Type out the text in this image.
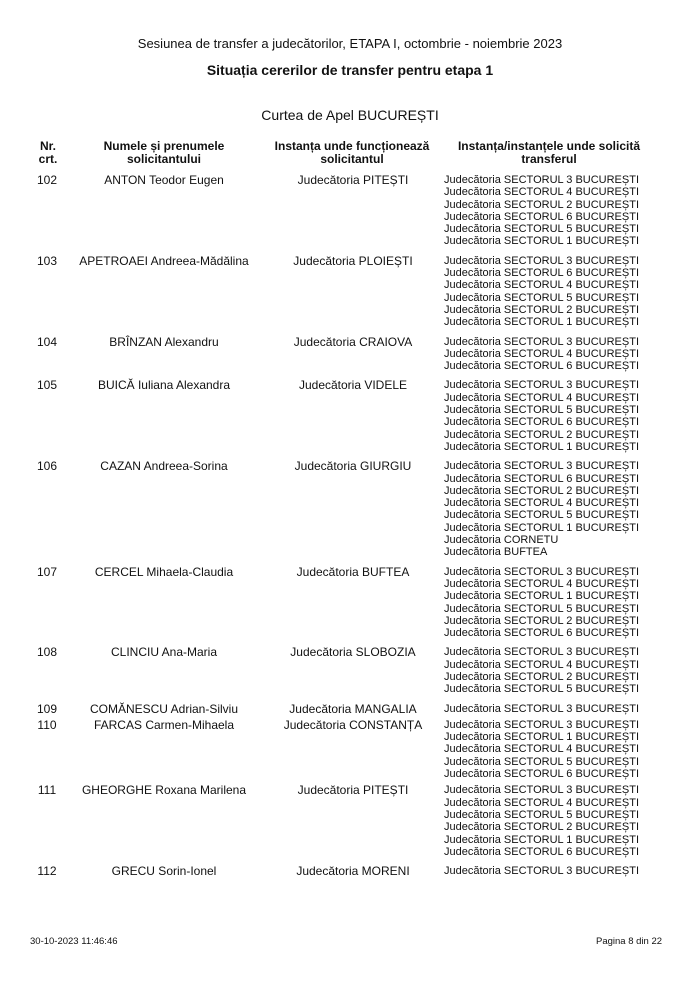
Sesiunea de transfer a judecătorilor, ETAPA I, octombrie - noiembrie 2023
Situația cererilor de transfer pentru etapa 1
Curtea de Apel BUCUREȘTI
Nr. crt.
Numele și prenumele solicitantului
Instanța unde funcționează solicitantul
Instanța/instanțele unde solicită transferul
102	ANTON Teodor Eugen	Judecătoria PITEȘTI	Judecătoria SECTORUL 3 BUCUREȘTI
Judecătoria SECTORUL 4 BUCUREȘTI
Judecătoria SECTORUL 2 BUCUREȘTI
Judecătoria SECTORUL 6 BUCUREȘTI
Judecătoria SECTORUL 5 BUCUREȘTI
Judecătoria SECTORUL 1 BUCUREȘTI
103	APETROAEI Andreea-Mădălina	Judecătoria PLOIEȘTI	Judecătoria SECTORUL 3 BUCUREȘTI
Judecătoria SECTORUL 6 BUCUREȘTI
Judecătoria SECTORUL 4 BUCUREȘTI
Judecătoria SECTORUL 5 BUCUREȘTI
Judecătoria SECTORUL 2 BUCUREȘTI
Judecătoria SECTORUL 1 BUCUREȘTI
104	BRÎNZAN Alexandru	Judecătoria CRAIOVA	Judecătoria SECTORUL 3 BUCUREȘTI
Judecătoria SECTORUL 4 BUCUREȘTI
Judecătoria SECTORUL 6 BUCUREȘTI
105	BUICĂ Iuliana Alexandra	Judecătoria VIDELE	Judecătoria SECTORUL 3 BUCUREȘTI
Judecătoria SECTORUL 4 BUCUREȘTI
Judecătoria SECTORUL 5 BUCUREȘTI
Judecătoria SECTORUL 6 BUCUREȘTI
Judecătoria SECTORUL 2 BUCUREȘTI
Judecătoria SECTORUL 1 BUCUREȘTI
106	CAZAN Andreea-Sorina	Judecătoria GIURGIU	Judecătoria SECTORUL 3 BUCUREȘTI
Judecătoria SECTORUL 6 BUCUREȘTI
Judecătoria SECTORUL 2 BUCUREȘTI
Judecătoria SECTORUL 4 BUCUREȘTI
Judecătoria SECTORUL 5 BUCUREȘTI
Judecătoria SECTORUL 1 BUCUREȘTI
Judecătoria CORNETU
Judecătoria BUFTEA
107	CERCEL Mihaela-Claudia	Judecătoria BUFTEA	Judecătoria SECTORUL 3 BUCUREȘTI
Judecătoria SECTORUL 4 BUCUREȘTI
Judecătoria SECTORUL 1 BUCUREȘTI
Judecătoria SECTORUL 5 BUCUREȘTI
Judecătoria SECTORUL 2 BUCUREȘTI
Judecătoria SECTORUL 6 BUCUREȘTI
108	CLINCIU Ana-Maria	Judecătoria SLOBOZIA	Judecătoria SECTORUL 3 BUCUREȘTI
Judecătoria SECTORUL 4 BUCUREȘTI
Judecătoria SECTORUL 2 BUCUREȘTI
Judecătoria SECTORUL 5 BUCUREȘTI
109	COMĂNESCU Adrian-Silviu	Judecătoria MANGALIA	Judecătoria SECTORUL 3 BUCUREȘTI
110	FARCAS Carmen-Mihaela	Judecătoria CONSTANȚA	Judecătoria SECTORUL 3 BUCUREȘTI
Judecătoria SECTORUL 1 BUCUREȘTI
Judecătoria SECTORUL 4 BUCUREȘTI
Judecătoria SECTORUL 5 BUCUREȘTI
Judecătoria SECTORUL 6 BUCUREȘTI
111	GHEORGHE Roxana Marilena	Judecătoria PITEȘTI	Judecătoria SECTORUL 3 BUCUREȘTI
Judecătoria SECTORUL 4 BUCUREȘTI
Judecătoria SECTORUL 5 BUCUREȘTI
Judecătoria SECTORUL 2 BUCUREȘTI
Judecătoria SECTORUL 1 BUCUREȘTI
Judecătoria SECTORUL 6 BUCUREȘTI
112	GRECU Sorin-Ionel	Judecătoria MORENI	Judecătoria SECTORUL 3 BUCUREȘTI
30-10-2023 11:46:46	Pagina 8 din 22
